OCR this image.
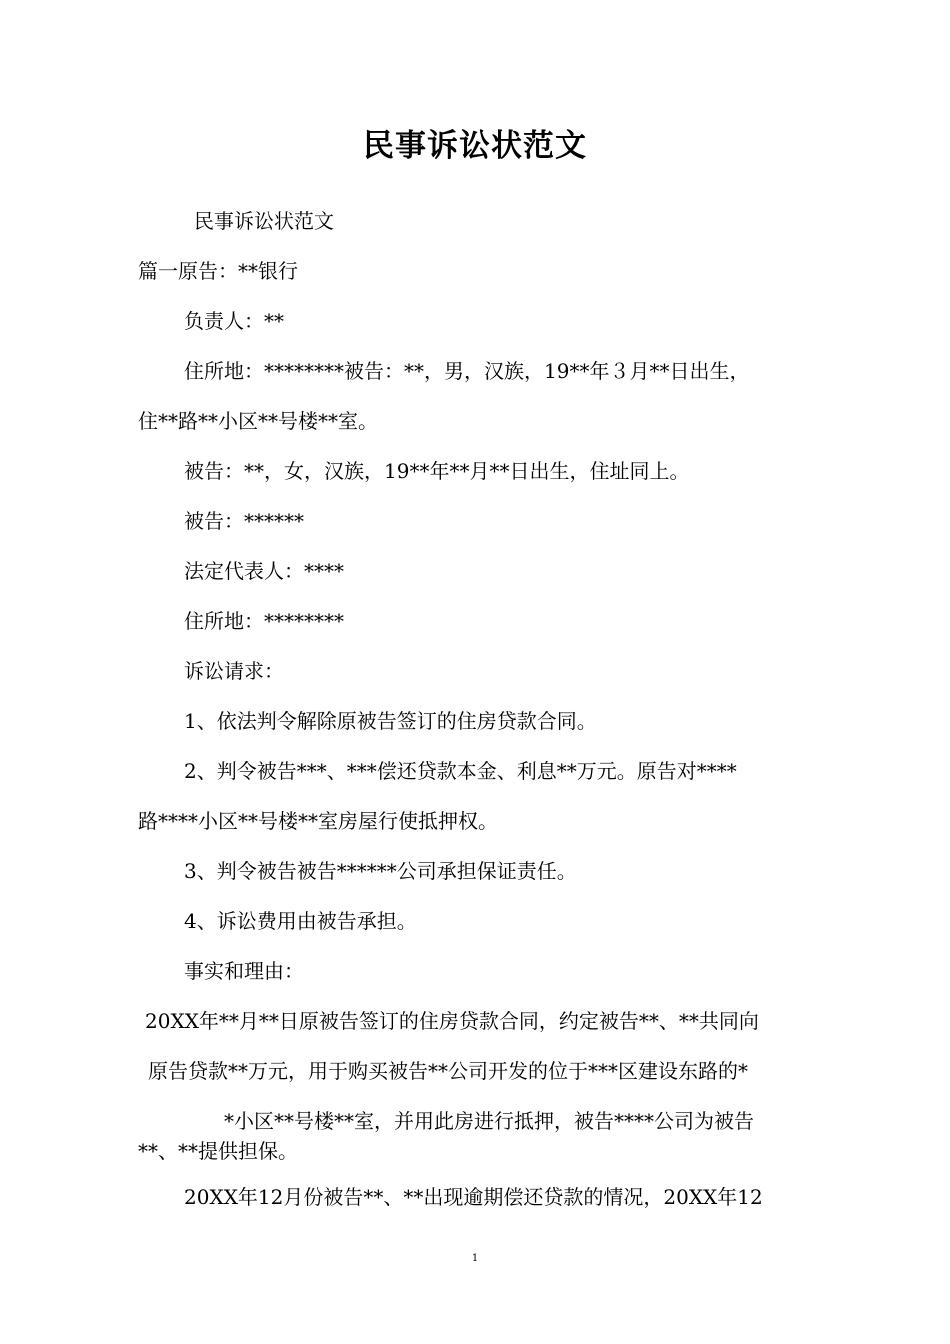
民事诉讼状范文
民事诉讼状范文
篇一原告：**银行
负责人：**
住所地：********被告：**，男，汉族，19**年３月**日出生，
住**路**小区**号楼**室。
被告：**，女，汉族，19**年**月**日出生，住址同上。
被告：******
法定代表人：****
住所地：********
诉讼请求：
1、依法判令解除原被告签订的住房贷款合同。
2、判令被告***、***偿还贷款本金、利息**万元。原告对****
路****小区**号楼**室房屋行使抵押权。
3、判令被告被告******公司承担保证责任。
4、诉讼费用由被告承担。
事实和理由：
20XX年**月**日原被告签订的住房贷款合同，约定被告**、**共同向
原告贷款**万元，用于购买被告**公司开发的位于***区建设东路的*
*小区**号楼**室，并用此房进行抵押，被告****公司为被告
**、**提供担保。
20XX年12月份被告**、**出现逾期偿还贷款的情况，20XX年12
1
